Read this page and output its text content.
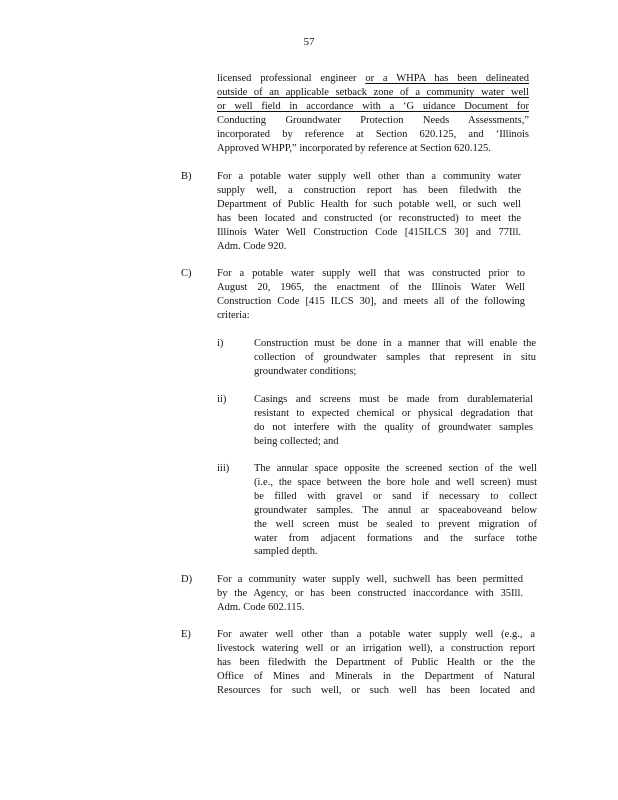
57
licensed professional engineer or a WHPA has been delineated
outside of an applicable setback zone of a community water well
or well field in accordance with a ‘G uidance Document for
Conducting Groundwater Protection Needs Assessments,”
incorporated by reference at Section 620.125, and ‘Illinois
Approved WHPP,” incorporated by reference at Section 620.125.
B) For a potable water supply well other than a community water
supply well, a construction report has been filedwith the
Department of Public Health for such potable well, or such well
has been located and constructed (or reconstructed) to meet the
Illinois Water Well Construction Code [415ILCS 30] and 77Ill.
Adm. Code 920.
C) For a potable water supply well that was constructed prior to
August 20, 1965, the enactment of the Illinois Water Well
Construction Code [415 ILCS 30], and meets all of the following
criteria:
i)	Construction must be done in a manner that will enable the
collection of groundwater samples that represent in situ
groundwater conditions;
ii)	Casings and screens must be made from durablematerial
resistant to expected chemical or physical degradation that
do not interfere with the quality of groundwater samples
being collected; and
iii) The annular space opposite the screened section of the well
(i.e., the space between the bore hole and well screen) must
be filled with gravel or sand if necessary to collect
groundwater samples. The annul ar spaceaboveand below
the well screen must be sealed to prevent migration of
water from adjacent formations and the surface tothe
sampled depth.
D) For a community water supply well, suchwell has been permitted
by the Agency, or has been constructed inaccordance with 35Ill.
Adm. Code 602.115.
E) For awater well other than a potable water supply well (e.g., a
livestock watering well or an irrigation well), a construction report
has been filedwith the Department of Public Health or the the
Office of Mines and Minerals in the Department of Natural
Resources for such well, or such well has been located and
